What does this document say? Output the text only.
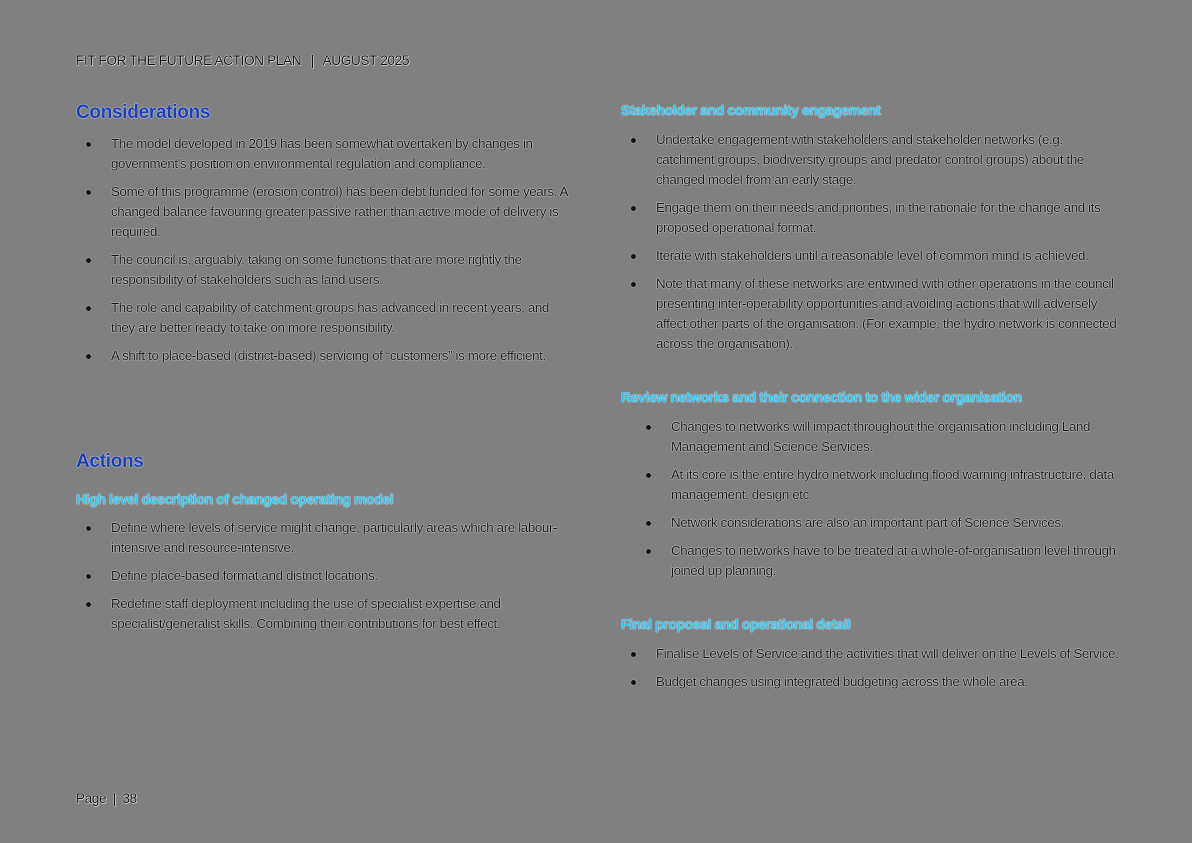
FIT FOR THE FUTURE ACTION PLAN | AUGUST 2025
Considerations
The model developed in 2019 has been somewhat overtaken by changes in government's position on environmental regulation and compliance.
Some of this programme (erosion control) has been debt funded for some years. A changed balance favouring greater passive rather than active mode of delivery is required.
The council is, arguably, taking on some functions that are more rightly the responsibility of stakeholders such as land users.
The role and capability of catchment groups has advanced in recent years, and they are better ready to take on more responsibility.
A shift to place-based (district-based) servicing of “customers” is more efficient.
Actions
High level description of changed operating model
Define where levels of service might change, particularly areas which are labour-intensive and resource-intensive.
Define place-based format and district locations.
Redefine staff deployment including the use of specialist expertise and specialist/generalist skills. Combining their contributions for best effect.
Stakeholder and community engagement
Undertake engagement with stakeholders and stakeholder networks (e.g. catchment groups, biodiversity groups and predator control groups) about the changed model from an early stage.
Engage them on their needs and priorities, in the rationale for the change and its proposed operational format.
Iterate with stakeholders until a reasonable level of common mind is achieved.
Note that many of these networks are entwined with other operations in the council presenting inter-operability opportunities and avoiding actions that will adversely affect other parts of the organisation. (For example, the hydro network is connected across the organisation).
Review networks and their connection to the wider organisation
Changes to networks will impact throughout the organisation including Land Management and Science Services.
At its core is the entire hydro network including flood warning infrastructure, data management, design etc.
Network considerations are also an important part of Science Services.
Changes to networks have to be treated at a whole-of-organisation level through joined up planning.
Final proposal and operational detail
Finalise Levels of Service and the activities that will deliver on the Levels of Service.
Budget changes using integrated budgeting across the whole area.
Page | 38
